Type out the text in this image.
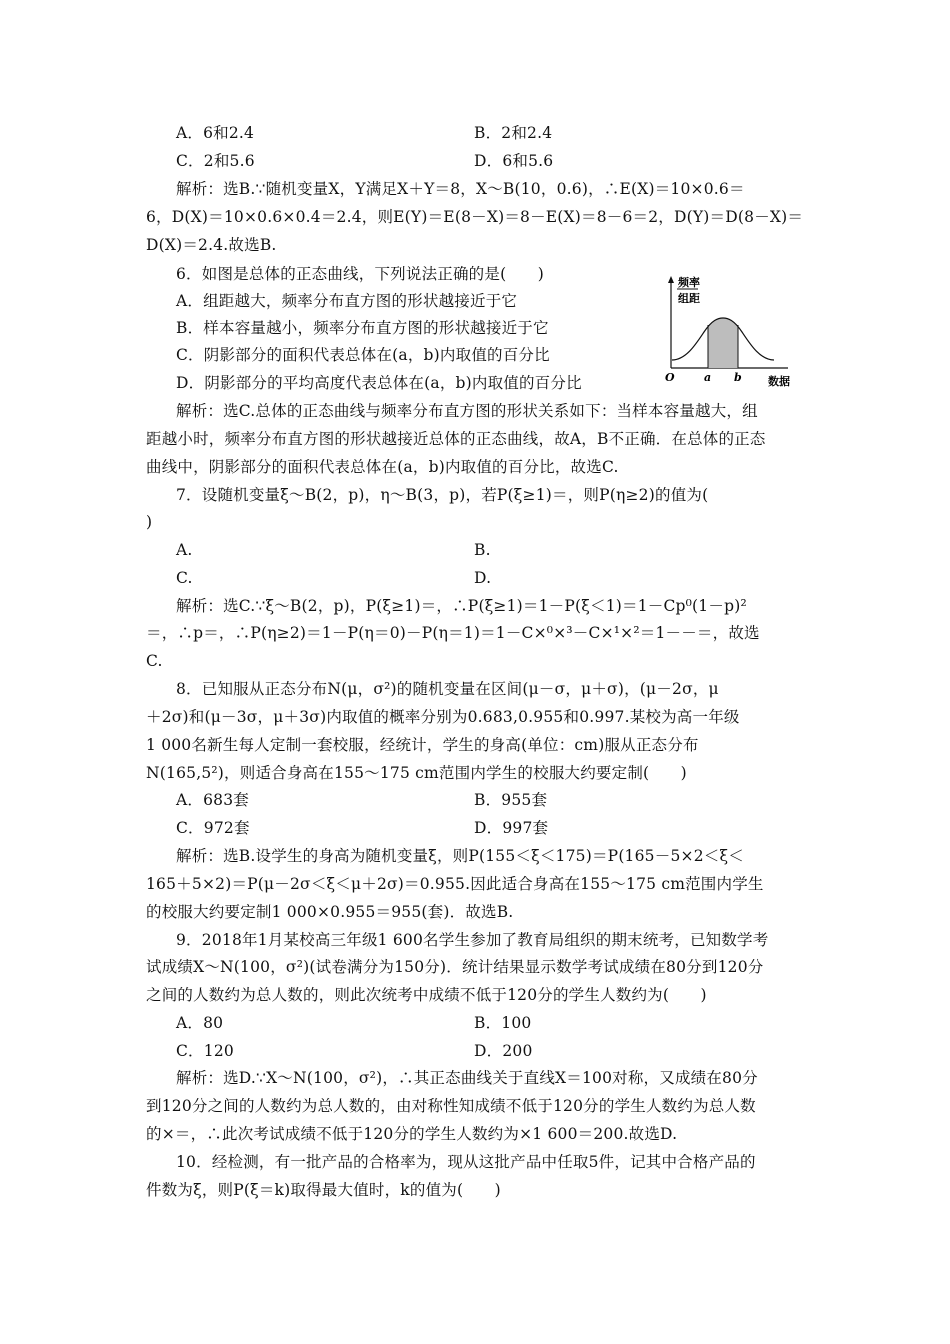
A．6和2.4	B．2和2.4
C．2和5.6	D．6和5.6
解析：选B.∵随机变量X，Y满足X＋Y＝8，X～B(10，0.6)，∴E(X)＝10×0.6＝
6，D(X)＝10×0.6×0.4＝2.4，则E(Y)＝E(8－X)＝8－E(X)＝8－6＝2，D(Y)＝D(8－X)＝
D(X)＝2.4.故选B.
6．如图是总体的正态曲线，下列说法正确的是(　　)
A．组距越大，频率分布直方图的形状越接近于它
B．样本容量越小，频率分布直方图的形状越接近于它
C．阴影部分的面积代表总体在(a，b)内取值的百分比
D．阴影部分的平均高度代表总体在(a，b)内取值的百分比
频率
组距
O	a b 数据
解析：选C.总体的正态曲线与频率分布直方图的形状关系如下：当样本容量越大，组
距越小时，频率分布直方图的形状越接近总体的正态曲线，故A，B不正确．在总体的正态
曲线中，阴影部分的面积代表总体在(a，b)内取值的百分比，故选C.
7．设随机变量ξ～B(2，p)，η～B(3，p)，若P(ξ≥1)＝，则P(η≥2)的值为(
)
A.	B.
C.	D.
解析：选C.∵ξ～B(2，p)，P(ξ≥1)＝，∴P(ξ≥1)＝1－P(ξ＜1)＝1－Cp⁰(1－p)²
＝，∴p＝，∴P(η≥2)＝1－P(η＝0)－P(η＝1)＝1－C×⁰×³－C×¹×²＝1－－＝，故选
C.
8．已知服从正态分布N(μ，σ²)的随机变量在区间(μ－σ，μ＋σ)，(μ－2σ，μ
＋2σ)和(μ－3σ，μ＋3σ)内取值的概率分别为0.683,0.955和0.997.某校为高一年级
1 000名新生每人定制一套校服，经统计，学生的身高(单位：cm)服从正态分布
N(165,5²)，则适合身高在155～175 cm范围内学生的校服大约要定制(　　)
A．683套	B．955套
C．972套	D．997套
解析：选B.设学生的身高为随机变量ξ，则P(155＜ξ＜175)＝P(165－5×2＜ξ＜
165＋5×2)＝P(μ－2σ＜ξ＜μ＋2σ)＝0.955.因此适合身高在155～175 cm范围内学生
的校服大约要定制1 000×0.955＝955(套)．故选B.
9．2018年1月某校高三年级1 600名学生参加了教育局组织的期末统考，已知数学考
试成绩X～N(100，σ²)(试卷满分为150分)．统计结果显示数学考试成绩在80分到120分
之间的人数约为总人数的，则此次统考中成绩不低于120分的学生人数约为(　　)
A．80	B．100
C．120	D．200
解析：选D.∵X～N(100，σ²)，∴其正态曲线关于直线X＝100对称，又成绩在80分
到120分之间的人数约为总人数的，由对称性知成绩不低于120分的学生人数约为总人数
的×＝，∴此次考试成绩不低于120分的学生人数约为×1 600＝200.故选D.
10．经检测，有一批产品的合格率为，现从这批产品中任取5件，记其中合格产品的
件数为ξ，则P(ξ＝k)取得最大值时，k的值为(　　)
